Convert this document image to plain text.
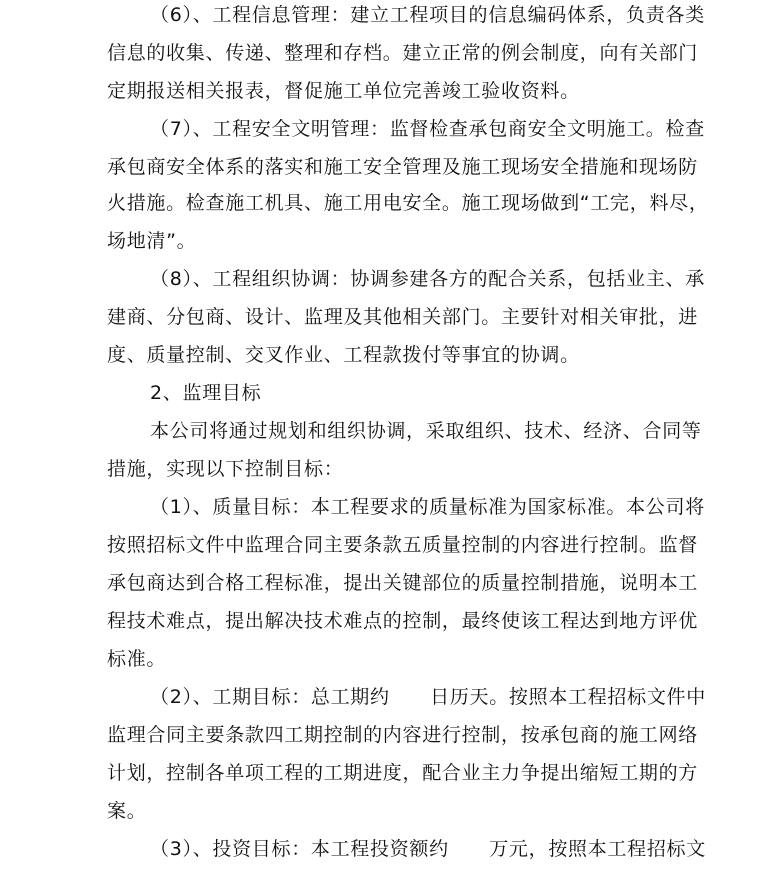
（6）、工程信息管理：建立工程项目的信息编码体系，负责各类
信息的收集、传递、整理和存档。建立正常的例会制度，向有关部门
定期报送相关报表，督促施工单位完善竣工验收资料。
（7）、工程安全文明管理：监督检查承包商安全文明施工。检查
承包商安全体系的落实和施工安全管理及施工现场安全措施和现场防
火措施。检查施工机具、施工用电安全。施工现场做到“工完，料尽，
场地清”。
（8）、工程组织协调：协调参建各方的配合关系，包括业主、承
建商、分包商、设计、监理及其他相关部门。主要针对相关审批，进
度、质量控制、交叉作业、工程款拨付等事宜的协调。
2、监理目标
本公司将通过规划和组织协调，采取组织、技术、经济、合同等
措施，实现以下控制目标：
（1）、质量目标：本工程要求的质量标准为国家标准。本公司将
按照招标文件中监理合同主要条款五质量控制的内容进行控制。监督
承包商达到合格工程标准，提出关键部位的质量控制措施，说明本工
程技术难点，提出解决技术难点的控制，最终使该工程达到地方评优
标准。
（2）、工期目标：总工期约      日历天。按照本工程招标文件中
监理合同主要条款四工期控制的内容进行控制，按承包商的施工网络
计划，控制各单项工程的工期进度，配合业主力争提出缩短工期的方
案。
（3）、投资目标：本工程投资额约      万元，按照本工程招标文
